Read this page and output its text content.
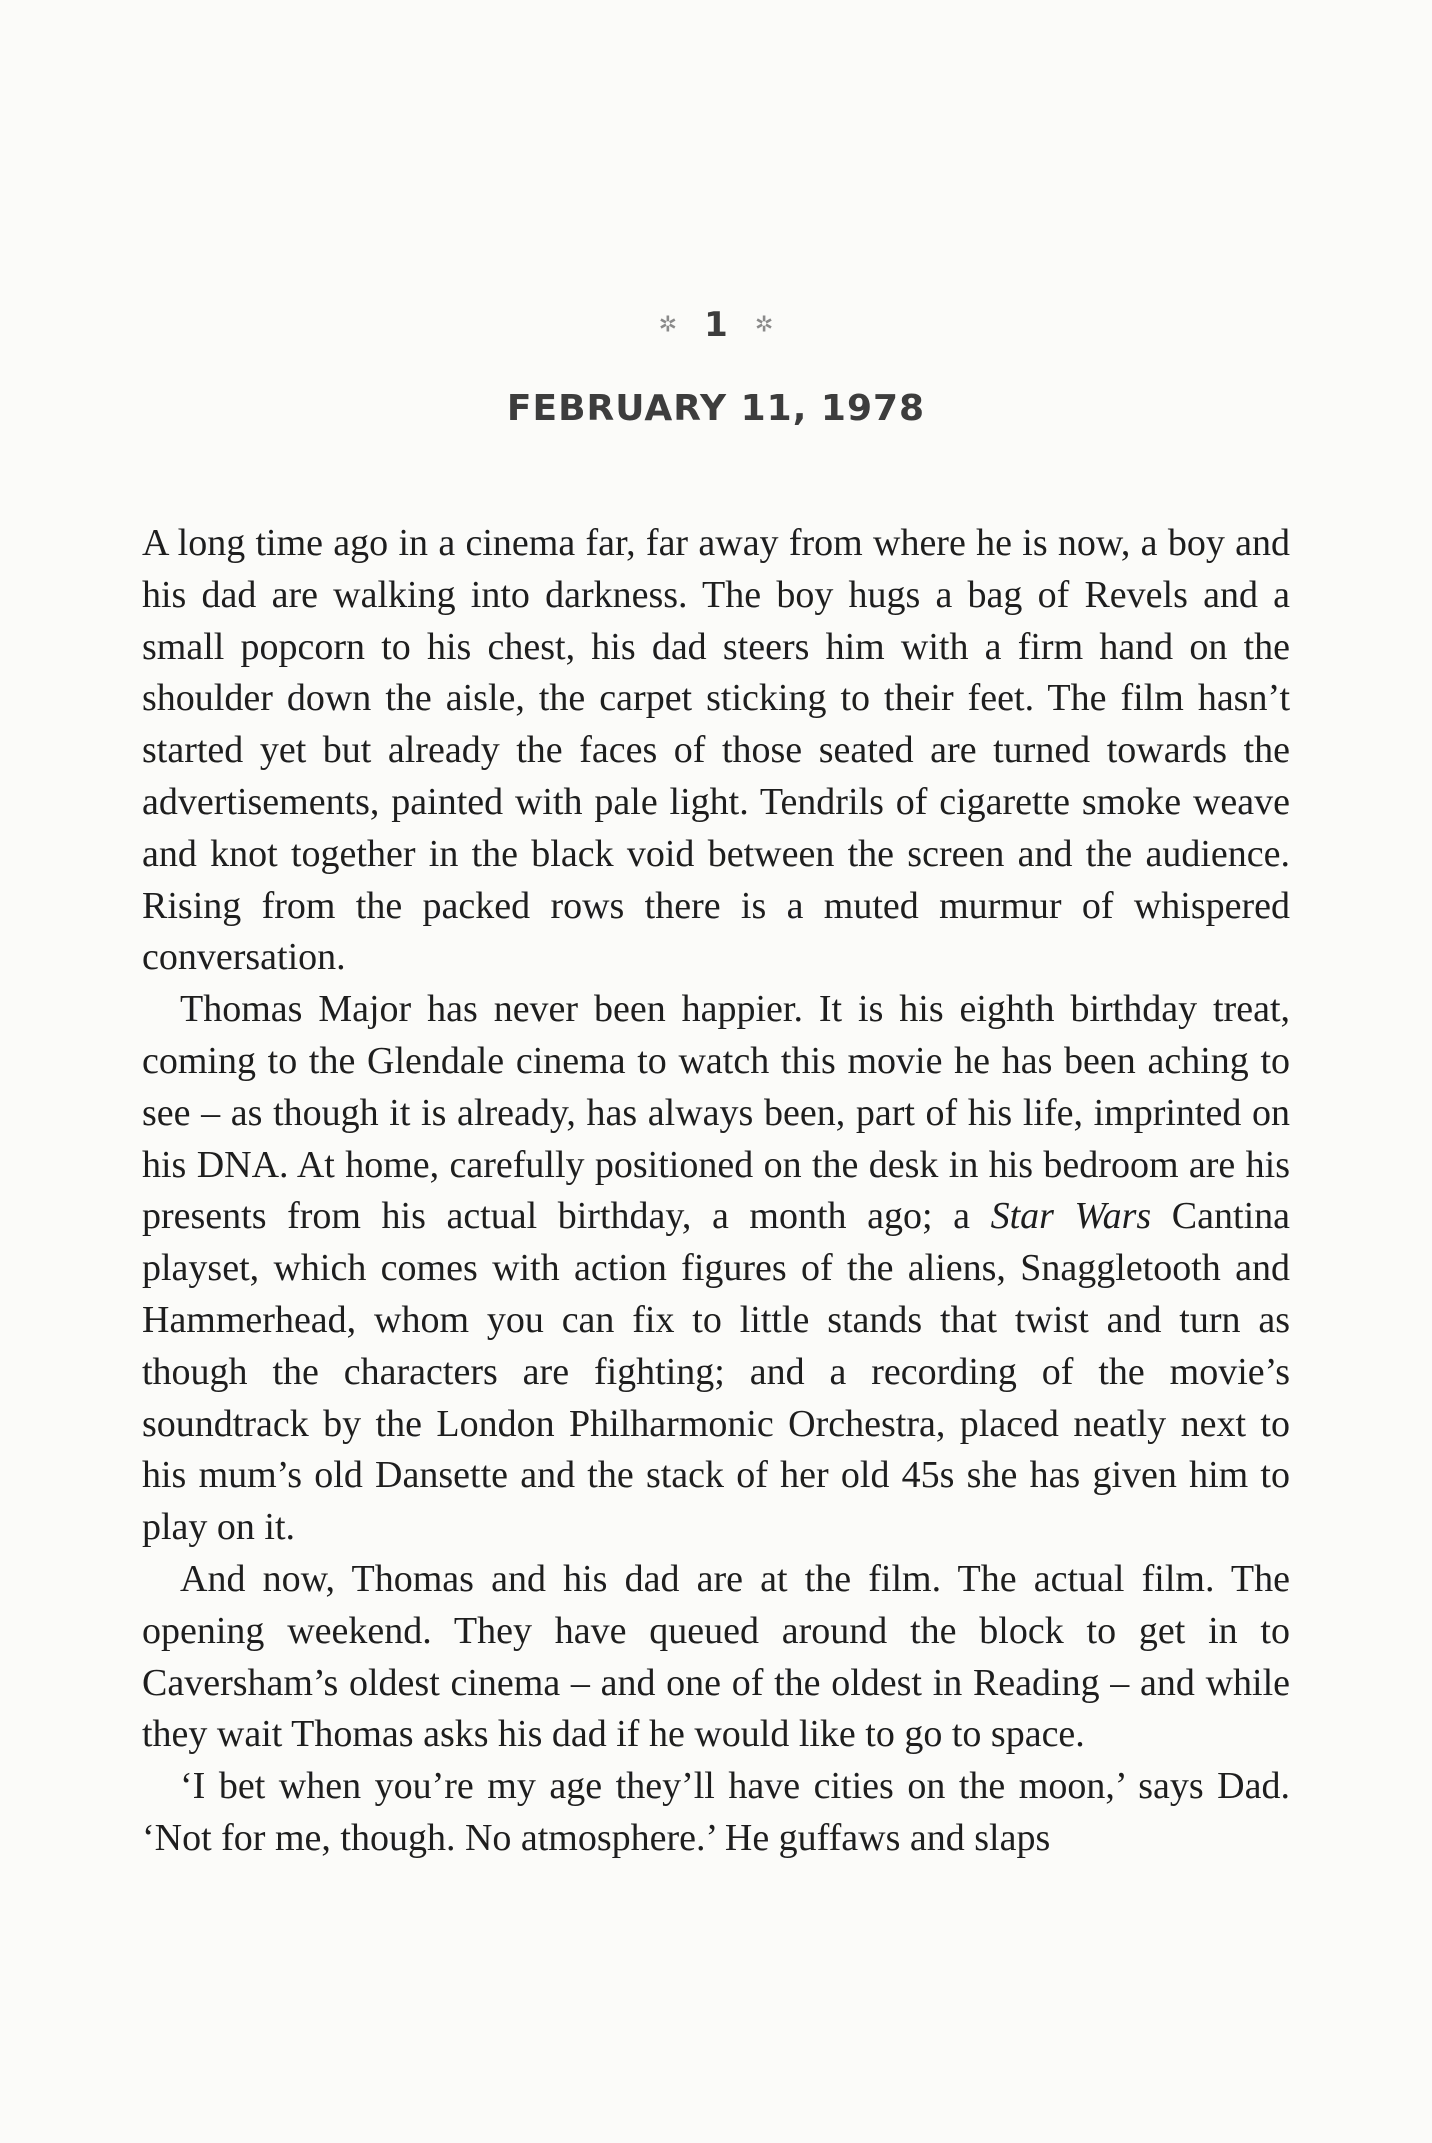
✲ 1 ✲
FEBRUARY 11, 1978

A long time ago in a cinema far, far away from where he is now, a boy and his dad are walking into darkness. The boy hugs a bag of Revels and a small popcorn to his chest, his dad steers him with a firm hand on the shoulder down the aisle, the carpet sticking to their feet. The film hasn’t started yet but already the faces of those seated are turned towards the advertisements, painted with pale light. Tendrils of cigarette smoke weave and knot together in the black void between the screen and the audience. Rising from the packed rows there is a muted murmur of whispered conversation.

Thomas Major has never been happier. It is his eighth birthday treat, coming to the Glendale cinema to watch this movie he has been aching to see – as though it is already, has always been, part of his life, imprinted on his DNA. At home, carefully positioned on the desk in his bedroom are his presents from his actual birthday, a month ago; a Star Wars Cantina playset, which comes with action figures of the aliens, Snaggletooth and Hammerhead, whom you can fix to little stands that twist and turn as though the characters are fighting; and a recording of the movie’s soundtrack by the London Philharmonic Orchestra, placed neatly next to his mum’s old Dansette and the stack of her old 45s she has given him to play on it.

And now, Thomas and his dad are at the film. The actual film. The opening weekend. They have queued around the block to get in to Caversham’s oldest cinema – and one of the oldest in Reading – and while they wait Thomas asks his dad if he would like to go to space.

‘I bet when you’re my age they’ll have cities on the moon,’ says Dad. ‘Not for me, though. No atmosphere.’ He guffaws and slaps
